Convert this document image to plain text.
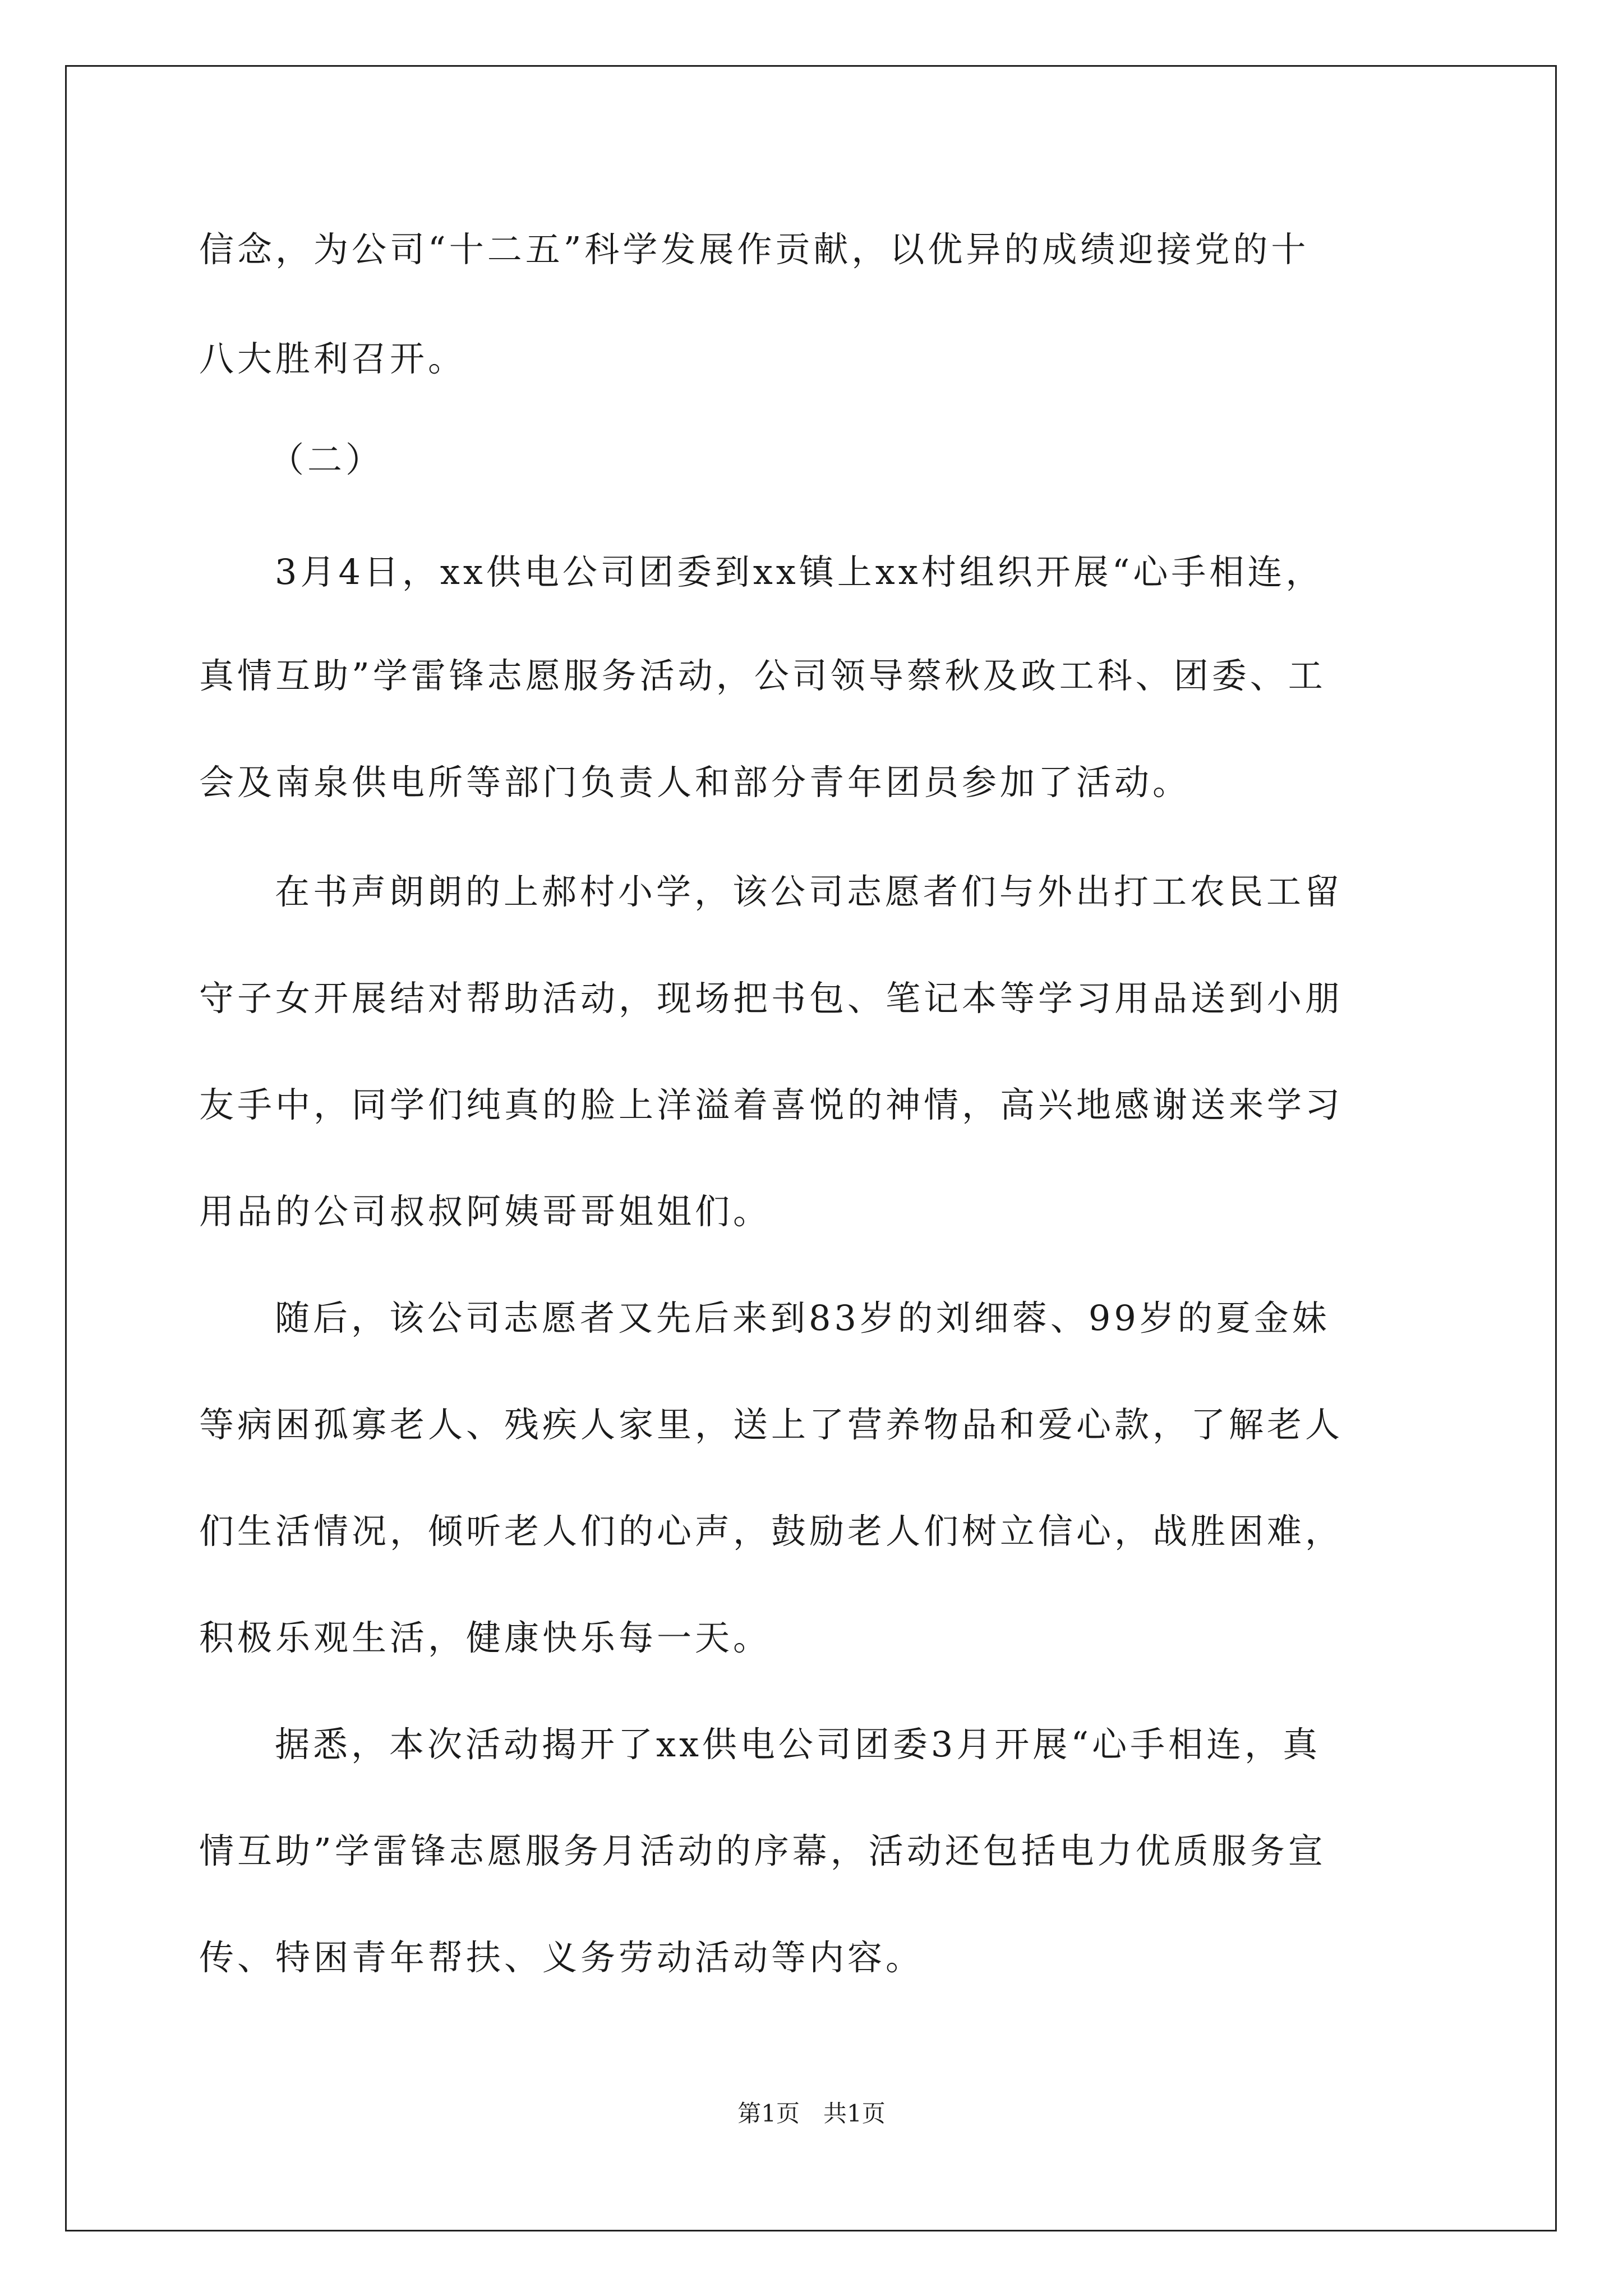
信念，为公司“十二五”科学发展作贡献，以优异的成绩迎接党的十
八大胜利召开。
（二）
3月4日，xx供电公司团委到xx镇上xx村组织开展“心手相连，
真情互助”学雷锋志愿服务活动，公司领导蔡秋及政工科、团委、工
会及南泉供电所等部门负责人和部分青年团员参加了活动。
在书声朗朗的上郝村小学，该公司志愿者们与外出打工农民工留
守子女开展结对帮助活动，现场把书包、笔记本等学习用品送到小朋
友手中，同学们纯真的脸上洋溢着喜悦的神情，高兴地感谢送来学习
用品的公司叔叔阿姨哥哥姐姐们。
随后，该公司志愿者又先后来到83岁的刘细蓉、99岁的夏金妹
等病困孤寡老人、残疾人家里，送上了营养物品和爱心款，了解老人
们生活情况，倾听老人们的心声，鼓励老人们树立信心，战胜困难，
积极乐观生活，健康快乐每一天。
据悉，本次活动揭开了xx供电公司团委3月开展“心手相连，真
情互助”学雷锋志愿服务月活动的序幕，活动还包括电力优质服务宣
传、特困青年帮扶、义务劳动活动等内容。
第1页　共1页
